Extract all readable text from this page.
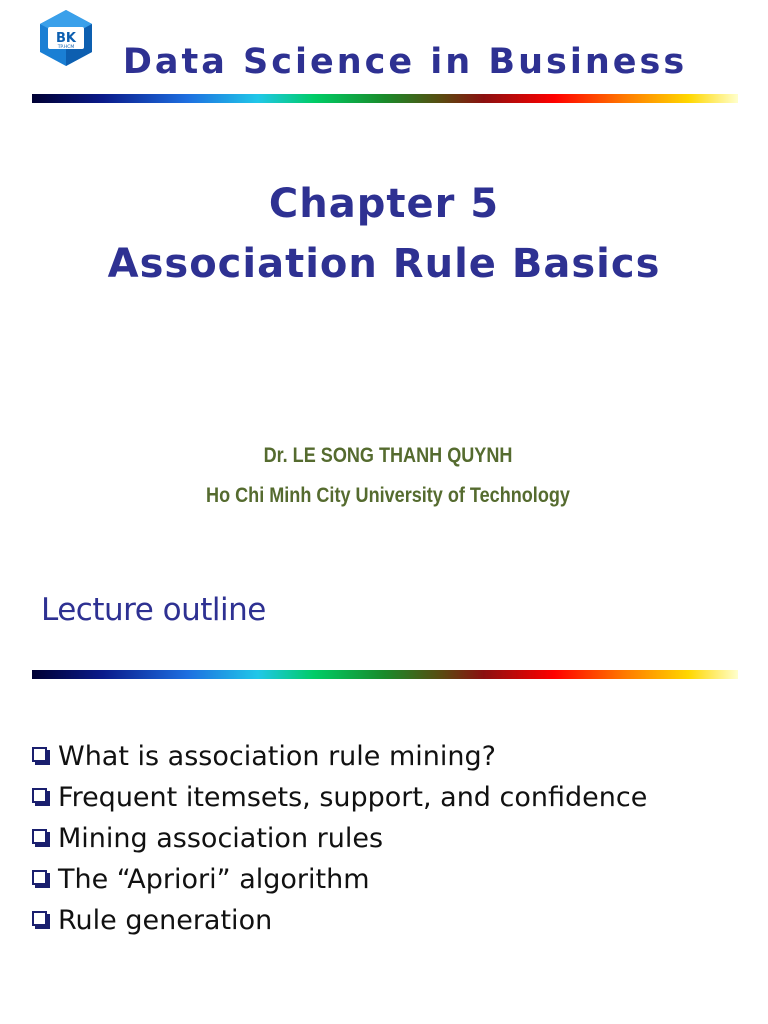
BK
TP.HCM	Data Science in Business
Chapter 5
Association Rule Basics
Dr. LE SONG THANH QUYNH
Ho Chi Minh City University of Technology
Lecture outline
What is association rule mining?
Frequent itemsets, support, and confidence
Mining association rules
The “Apriori” algorithm
Rule generation
